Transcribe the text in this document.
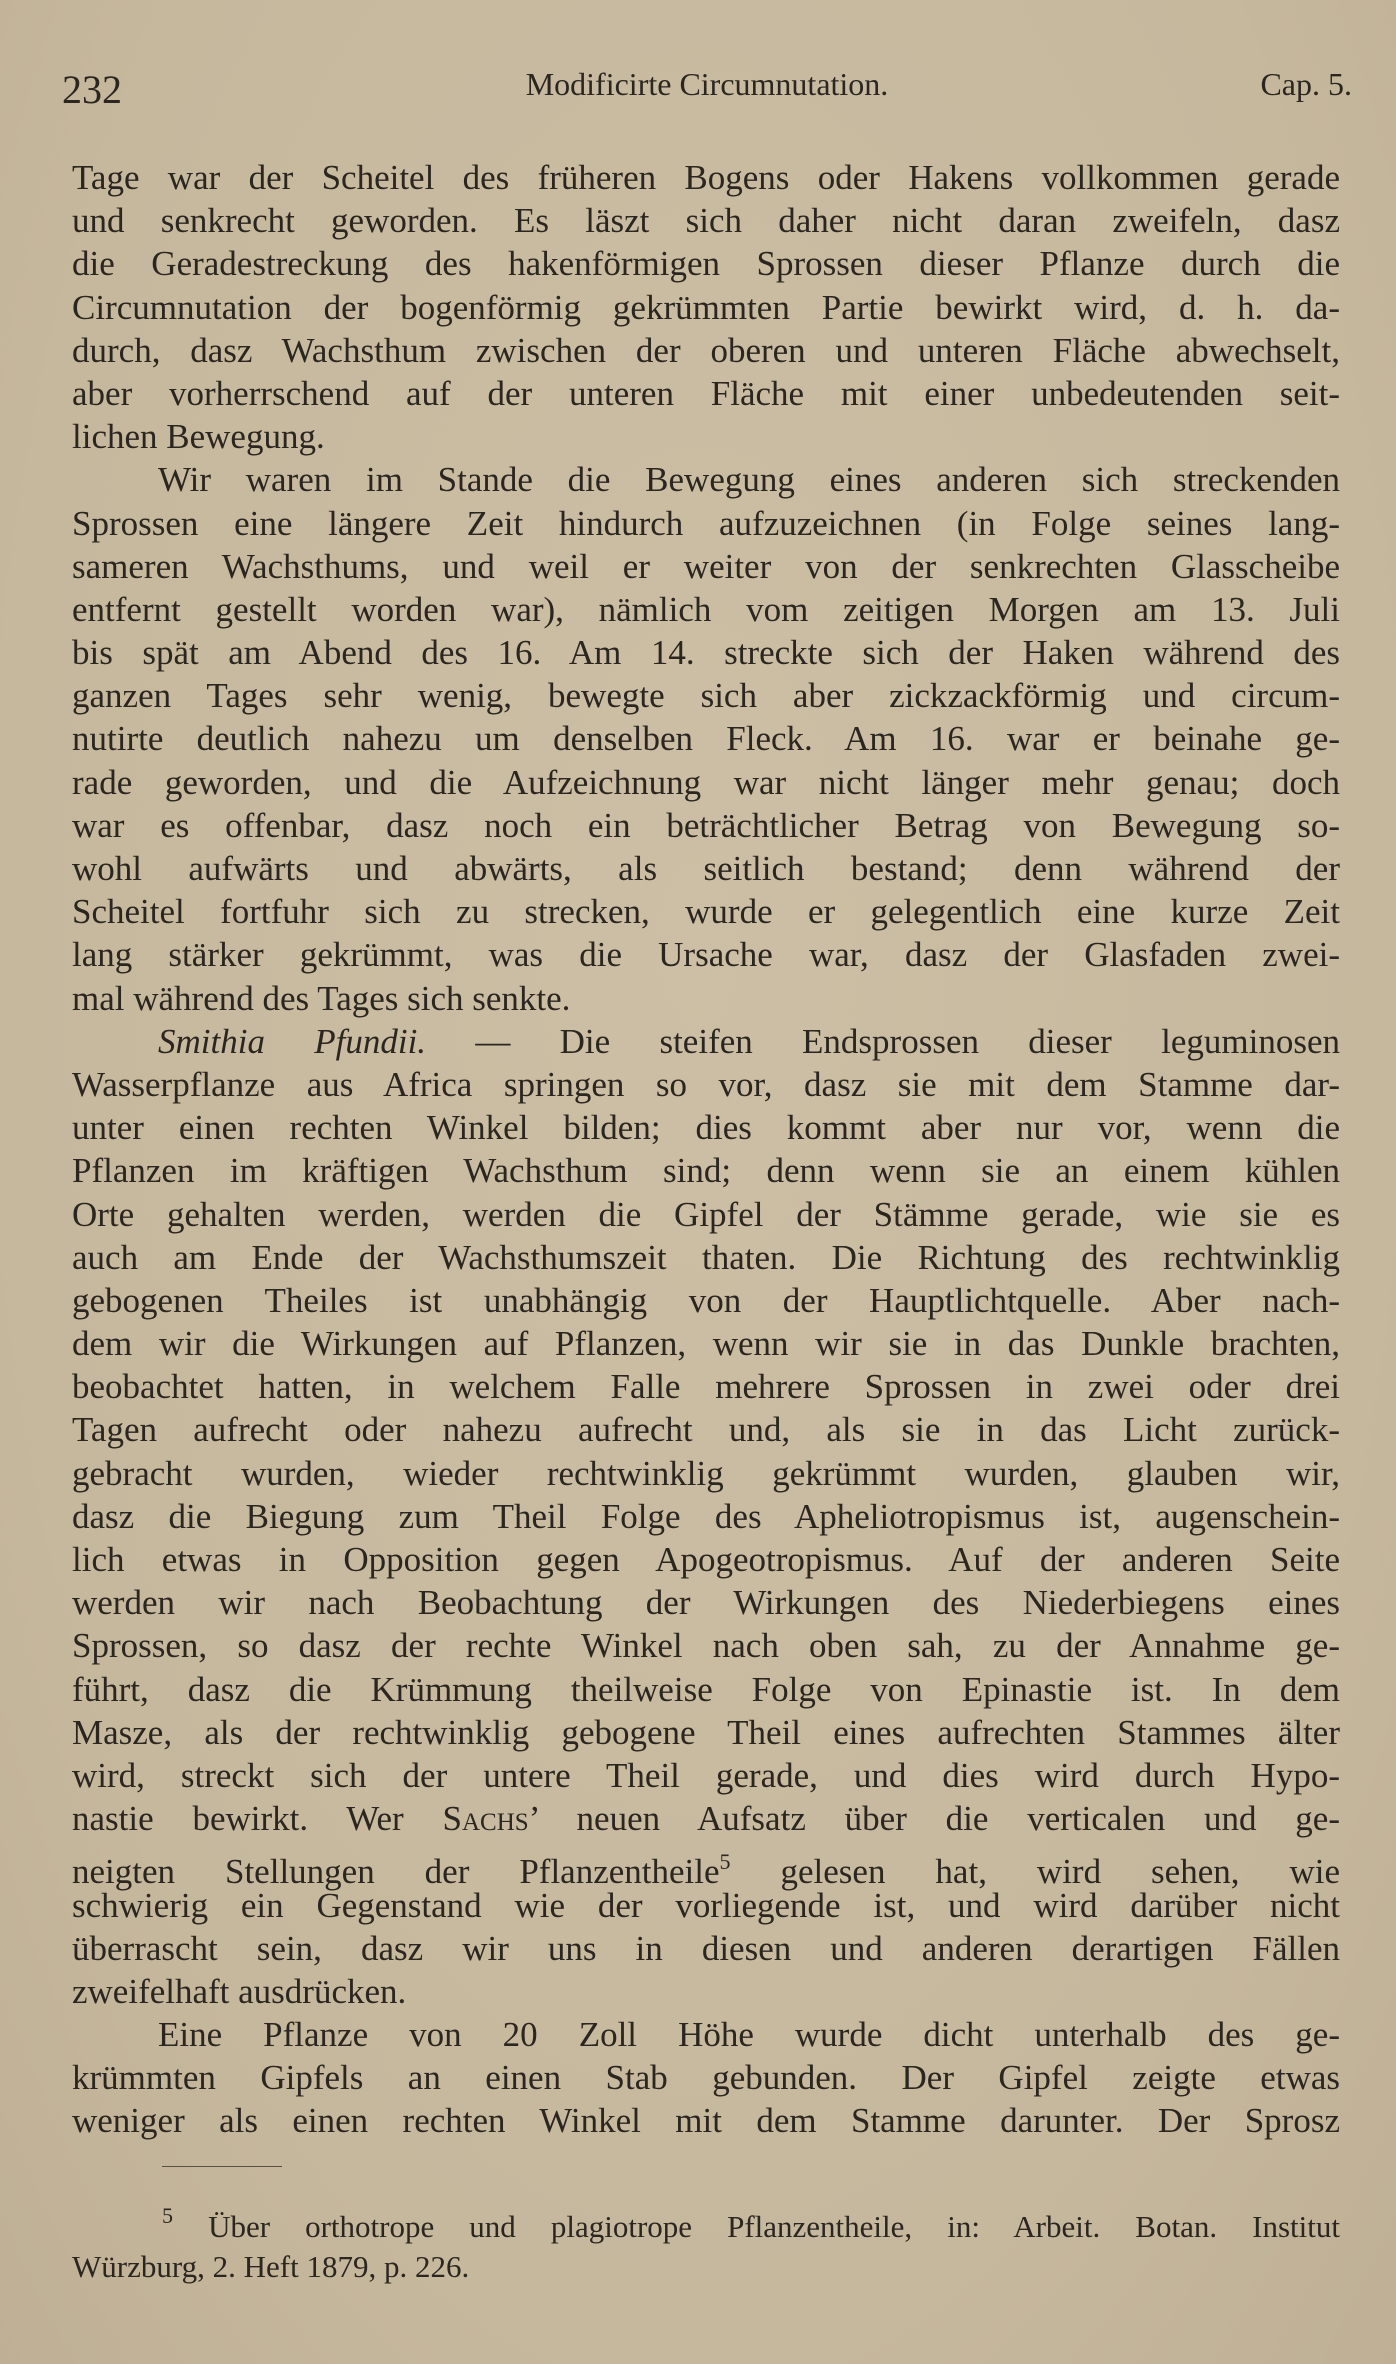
232	Modificirte Circumnutation.	Cap. 5.
Tage war der Scheitel des früheren Bogens oder Hakens vollkommen gerade
und senkrecht geworden. Es läszt sich daher nicht daran zweifeln, dasz
die Geradestreckung des hakenförmigen Sprossen dieser Pflanze durch die
Circumnutation der bogenförmig gekrümmten Partie bewirkt wird, d. h. da-
durch, dasz Wachsthum zwischen der oberen und unteren Fläche abwechselt,
aber vorherrschend auf der unteren Fläche mit einer unbedeutenden seit-
lichen Bewegung.
Wir waren im Stande die Bewegung eines anderen sich streckenden
Sprossen eine längere Zeit hindurch aufzuzeichnen (in Folge seines lang-
sameren Wachsthums, und weil er weiter von der senkrechten Glasscheibe
entfernt gestellt worden war), nämlich vom zeitigen Morgen am 13. Juli
bis spät am Abend des 16. Am 14. streckte sich der Haken während des
ganzen Tages sehr wenig, bewegte sich aber zickzackförmig und circum-
nutirte deutlich nahezu um denselben Fleck. Am 16. war er beinahe ge-
rade geworden, und die Aufzeichnung war nicht länger mehr genau; doch
war es offenbar, dasz noch ein beträchtlicher Betrag von Bewegung so-
wohl aufwärts und abwärts, als seitlich bestand; denn während der
Scheitel fortfuhr sich zu strecken, wurde er gelegentlich eine kurze Zeit
lang stärker gekrümmt, was die Ursache war, dasz der Glasfaden zwei-
mal während des Tages sich senkte.
Smithia Pfundii. — Die steifen Endsprossen dieser leguminosen
Wasserpflanze aus Africa springen so vor, dasz sie mit dem Stamme dar-
unter einen rechten Winkel bilden; dies kommt aber nur vor, wenn die
Pflanzen im kräftigen Wachsthum sind; denn wenn sie an einem kühlen
Orte gehalten werden, werden die Gipfel der Stämme gerade, wie sie es
auch am Ende der Wachsthumszeit thaten. Die Richtung des rechtwinklig
gebogenen Theiles ist unabhängig von der Hauptlichtquelle. Aber nach-
dem wir die Wirkungen auf Pflanzen, wenn wir sie in das Dunkle brachten,
beobachtet hatten, in welchem Falle mehrere Sprossen in zwei oder drei
Tagen aufrecht oder nahezu aufrecht und, als sie in das Licht zurück-
gebracht wurden, wieder rechtwinklig gekrümmt wurden, glauben wir,
dasz die Biegung zum Theil Folge des Apheliotropismus ist, augenschein-
lich etwas in Opposition gegen Apogeotropismus. Auf der anderen Seite
werden wir nach Beobachtung der Wirkungen des Niederbiegens eines
Sprossen, so dasz der rechte Winkel nach oben sah, zu der Annahme ge-
führt, dasz die Krümmung theilweise Folge von Epinastie ist. In dem
Masze, als der rechtwinklig gebogene Theil eines aufrechten Stammes älter
wird, streckt sich der untere Theil gerade, und dies wird durch Hypo-
nastie bewirkt. Wer Sachs’ neuen Aufsatz über die verticalen und ge-
neigten Stellungen der Pflanzentheile$^5$ gelesen hat, wird sehen, wie
schwierig ein Gegenstand wie der vorliegende ist, und wird darüber nicht
überrascht sein, dasz wir uns in diesen und anderen derartigen Fällen
zweifelhaft ausdrücken.
Eine Pflanze von 20 Zoll Höhe wurde dicht unterhalb des ge-
krümmten Gipfels an einen Stab gebunden. Der Gipfel zeigte etwas
weniger als einen rechten Winkel mit dem Stamme darunter. Der Sprosz
$^5$ Über orthotrope und plagiotrope Pflanzentheile, in: Arbeit. Botan. Institut
Würzburg, 2. Heft 1879, p. 226.
